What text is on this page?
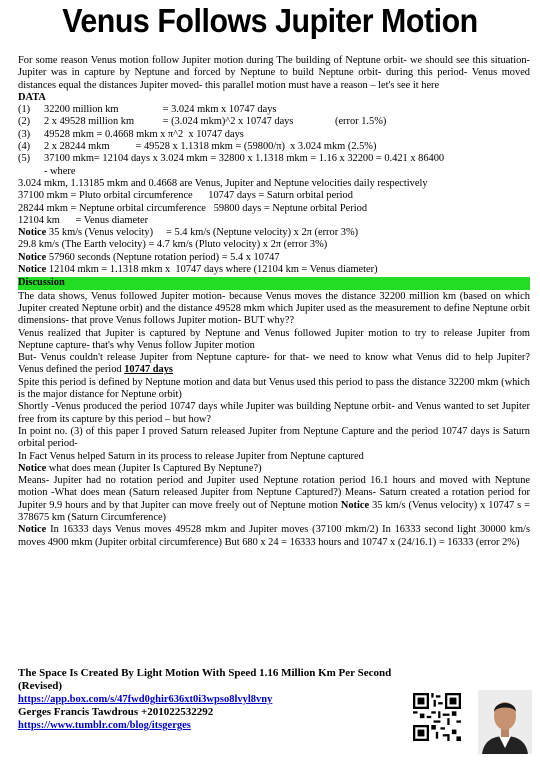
Venus Follows Jupiter Motion

For some reason Venus motion follow Jupiter motion during The building of Neptune orbit- we should see this situation- Jupiter was in capture by Neptune and forced by Neptune to build Neptune orbit- during this period- Venus moved distances equal the distances Jupiter moved- this parallel motion must have a reason – let's see it here

DATA
(1)	32200 million km                 = 3.024 mkm x 10747 days
(2)	2 x 49528 million km           = (3.024 mkm)^2 x 10747 days                (error 1.5%)
(3)	49528 mkm = 0.4668 mkm x π^2  x 10747 days
(4)	2 x 28244 mkm          = 49528 x 1.1318 mkm = (59800/π)  x 3.024 mkm (2.5%)
(5)	37100 mkm= 12104 days x 3.024 mkm = 32800 x 1.1318 mkm = 1.16 x 32200 = 0.421 x 86400
- where
3.024 mkm, 1.13185 mkm and 0.4668 are Venus, Jupiter and Neptune velocities daily respectively
37100 mkm = Pluto orbital circumference      10747 days = Saturn orbital period
28244 mkm = Neptune orbital circumference   59800 days = Neptune orbital Period
12104 km      = Venus diameter
Notice 35 km/s (Venus velocity)     = 5.4 km/s (Neptune velocity) x 2π (error 3%)
29.8 km/s (The Earth velocity) = 4.7 km/s (Pluto velocity) x 2π (error 3%)
Notice 57960 seconds (Neptune rotation period) = 5.4 x 10747
Notice 12104 mkm = 1.1318 mkm x  10747 days where (12104 km = Venus diameter)
Discussion

The data shows, Venus followed Jupiter motion- because Venus moves the distance 32200 million km (based on which Jupiter created Neptune orbit) and the distance 49528 mkm which Jupiter used as the measurement to define Neptune orbit dimensions- that prove Venus follows Jupiter motion- BUT why??

Venus realized that Jupiter is captured by Neptune and Venus followed Jupiter motion to try to release Jupiter from Neptune capture- that's why Venus follow Jupiter motion

But- Venus couldn't release Jupiter from Neptune capture- for that- we need to know what Venus did to help Jupiter? Venus defined the period 10747 days

Spite this period is defined by Neptune motion and data but Venus used this period to pass the distance 32200 mkm (which is the major distance for Neptune orbit)

Shortly -Venus produced the period 10747 days while Jupiter was building Neptune orbit- and Venus wanted to set Jupiter free from its capture by this period – but how?

In point no. (3) of this paper I proved Saturn released Jupiter from Neptune Capture and the period 10747 days is Saturn orbital period-

In Fact Venus helped Saturn in its process to release Jupiter from Neptune captured

Notice what does mean (Jupiter Is Captured By Neptune?)

Means- Jupiter had no rotation period and Jupiter used Neptune rotation period 16.1 hours and moved with Neptune motion -What does mean (Saturn released Jupiter from Neptune Captured?) Means- Saturn created a rotation period for Jupiter 9.9 hours and by that Jupiter can move freely out of Neptune motion Notice 35 km/s (Venus velocity) x 10747 s = 378675 km (Saturn Circumference)

Notice In 16333 days Venus moves 49528 mkm and Jupiter moves (37100 mkm/2) In 16333 second light 30000 km/s moves 4900 mkm (Jupiter orbital circumference) But 680 x 24 = 16333 hours and 10747 x (24/16.1) = 16333 (error 2%)

The Space Is Created By Light Motion With Speed 1.16 Million Km Per Second (Revised)
https://app.box.com/s/47fwd0ghir636xt0i3wpso8lvyl8vny
Gerges Francis Tawdrous +201022532292
https://www.tumblr.com/blog/itsgerges
